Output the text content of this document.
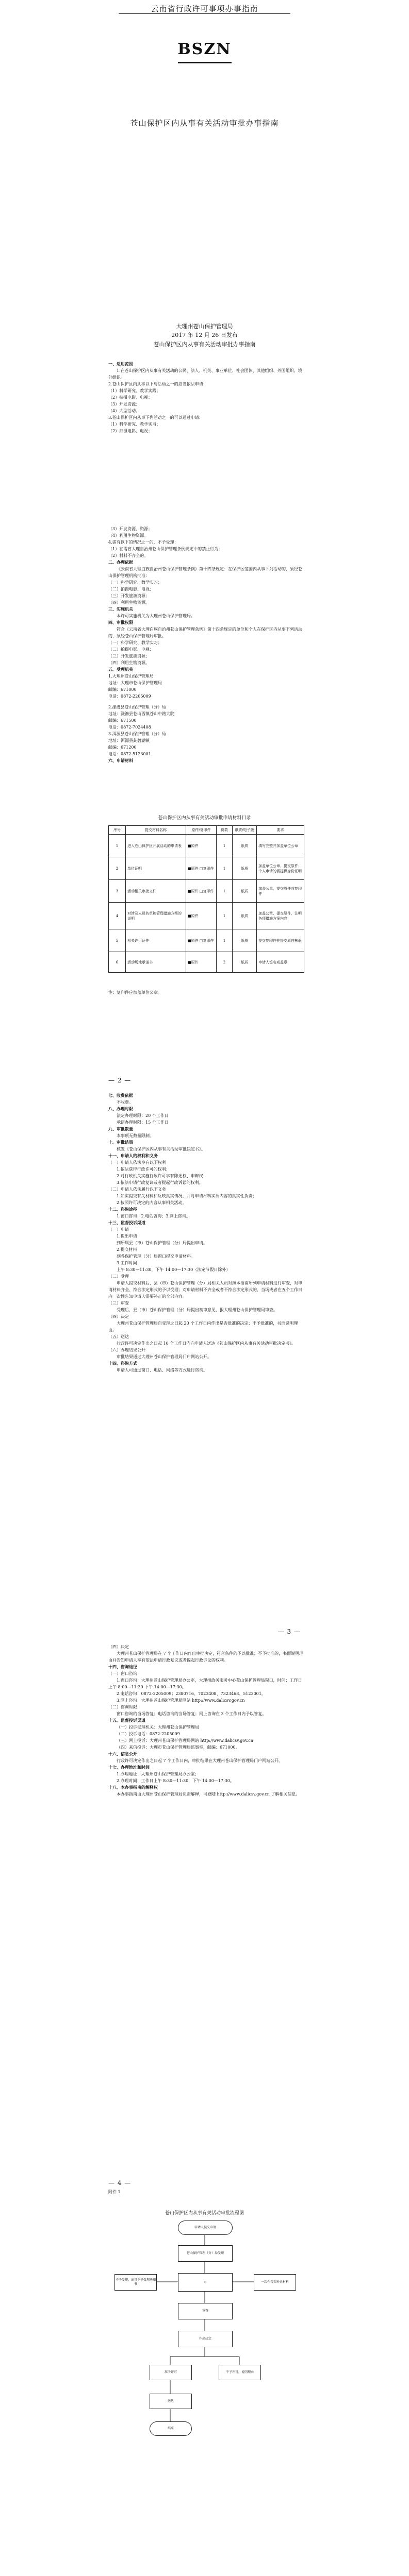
云南省行政许可事项办事指南
BSZN
苍山保护区内从事有关活动审批办事指南
大理州苍山保护管理局
2017 年 12 月 26 日发布
苍山保护区内从事有关活动审批办事指南

一、适用范围

1.在苍山保护区内从事有关活动的公民、法人、机关、事业单位、社会团体、其他组织、外国组织、境外组织。

2.苍山保护区内从事以下与活动之一的应当依法申请：

（1）科学研究、教学实践；

（2）拍摄电影、电视；

（3）开发资源；

（4）大型活动。

3.苍山保护区内从事下列活动之一的可以通过申请：

（1）科学研究、教学实习；

（2）拍摄电影、电视；

（3）开发资源、资源；

（4）利用生物资源。

4.需有以下的情况之一的，不予受理：

（1）在需省大理自治州苍山保护管理条例规定中的禁止行为；

（2）材料不齐全的。

二、办理依据

《云南省大理白族自治州苍山保护管理条例》第十四条规定：在保护区范围内从事下列活动的，须经苍山保护管理机构批准：

（一）科学研究、教学实习；

（二）拍摄电影、电视；

（三）开发旅游资源；

（四）利用生物资源。

三、实施机关

本许可实施机关为大理州苍山保护管理局。

四、审批权限

符合《云南省大理白族自治州苍山保护管理条例》第十四条规定的单位和个人在保护区内从事下列活动的，须经苍山保护管理局审批。

（一）科学研究、教学实习；

（二）拍摄电影、电视；

（三）开发旅游资源；

（四）利用生物资源。

五、受理机关

1.大理州苍山保护管理局

地址：大理市苍山保护管理局

邮编：671000

电话：0872-2205009

2.漾濞县苍山保护管理（分）局

地址：漾濞县苍山西镇苍山中路大院

邮编：671500

电话：0872-7024408

3.洱源县苍山保护管理（分）局

地址：洱源县茈碧湖镇

邮编：671200

电话：0872-5123001

六、申请材料

苍山保护区内从事有关活动审批申请材料目录
序号	提交材料名称	原件/复印件	份数	纸质/电子版	要求
1	进入苍山保护区开展活动的申请表	■原件	1	纸质	填写完整并加盖单位公章
2	单位证明	■原件 □复印件	1	纸质	加盖单位公章，提交原件；个人申请的需提供身份证明
3	活动相关审批文件	■原件 □复印件	1	纸质	加盖公章，提交原件或复印件
4	对涉及人员名单和管理措施方案的说明	■原件	1	纸质	加盖公章，提交原件，注明各项措施方案内容
5	相关许可证件	■原件 □复印件	1	纸质	提交复印件并提交原件核验
6	活动场地承诺书	■原件	2	纸质	申请人签名或盖章
注：复印件应加盖单位公章。
— 2 —

七、收费依据

不收费。

八、办理时限

法定办理时限：20 个工作日

承诺办理时限：15 个工作日

九、审批数量

本事项无数量限制。

十、审批结果

核发《苍山保护区内从事有关活动审批决定书》。

十一、申请人的权利和义务

（一）申请人依法享有以下权利

1.依法获得行政许可的权利；

2.对行政机关实施行政许可享有陈述权、申辩权；

3.依法申请行政复议或者提起行政诉讼的权利。

（二）申请人依法履行以下义务

1.如实提交有关材料和反映真实情况，并对申请材料实质内容的真实性负责；

2.按照许可决定的内容从事相关活动。

十二、咨询途径

1.窗口咨询；2.电话咨询；3.网上咨询。

十三、监督投诉渠道

（一）申请

1.提出申请

到所属县（市）苍山保护管理（分）局提出申请。

2.提交材料

到各保护管理（分）局窗口提交申请材料。

3.工作时间

上午 8:30—11:30，下午 14:00—17:30（法定节假日除外）

（二）受理

申请人提交材料后，县（市）苍山保护管理（分）局相关人员对照本指南所列申请材料进行审查，对申请材料齐全、符合法定形式的予以受理；对申请材料不齐全或者不符合法定形式的，当场或者在五个工作日内一次性告知申请人需要补正的全部内容。

（三）审查

受理后，县（市）苍山保护管理（分）局提出初审意见，报大理州苍山保护管理局审查。

（四）决定

大理州苍山保护管理局自受理之日起 20 个工作日内作出是否批准的决定；不予批准的，书面说明理由。

（五）送达

行政许可决定作出之日起 10 个工作日内向申请人送达《苍山保护区内从事有关活动审批决定书》。

（六）办理结果公开

审批结果通过大理州苍山保护管理局门户网站公开。

十四、咨询方式

申请人可通过窗口、电话、网络等方式进行咨询。

— 3 —

（四）决定

大理州苍山保护管理局在 7 个工作日内作出审批决定，符合条件的予以批准；不予批准的，书面说明理由并告知申请人享有依法申请行政复议或者提起行政诉讼的权利。

十四、咨询途径

（一）窗口咨询

1.窗口咨询：大理州苍山保护管理局办公室，大理州政务服务中心苍山保护管理局窗口，时间：工作日上午 8:00—11:30 下午 14:00—17:30。

2.电话咨询：0872-2205009；2380716、7023408、7323468、5123001。

3.网上咨询：大理州苍山保护管理局网站 http://www.dalicsv.gov.cn

（二）咨询时限

窗口咨询的当场答复；电话咨询的当场答复；网上咨询在 3 个工作日内予以答复。

十五、监督投诉渠道

（一）投诉受理机关：大理州苍山保护管理局

（二）投诉电话：0872-2205009

（三）网上投诉：大理州苍山保护管理局网站 http://www.dalicsv.gov.cn

（四）来信投诉：大理市苍山保护管理局监察室，邮编：671000。

十六、信息公开

行政许可决定作出之日起 7 个工作日内，审批结果在大理州苍山保护管理局门户网站公开。

十七、办理地址和时间

1.办理地址：大理州苍山保护管理局办公室；

2.办理时间：工作日上午 8:30—11:30，下午 14:00—17:30。

十八、本办事指南的解释权

本办事指南由大理州苍山保护管理局负责解释，可登陆 http://www.dalicsv.gov.cn 了解相关信息。

— 4 —
附件 1
苍山保护区内从事有关活动审批流程图
申请人提交申请
苍山保护管理（分）局受理
◇
不予受理，出具不予受理通知书
一次性告知补正材料
审查
作出决定
准予许可	不予许可，说明理由
送达
结束
